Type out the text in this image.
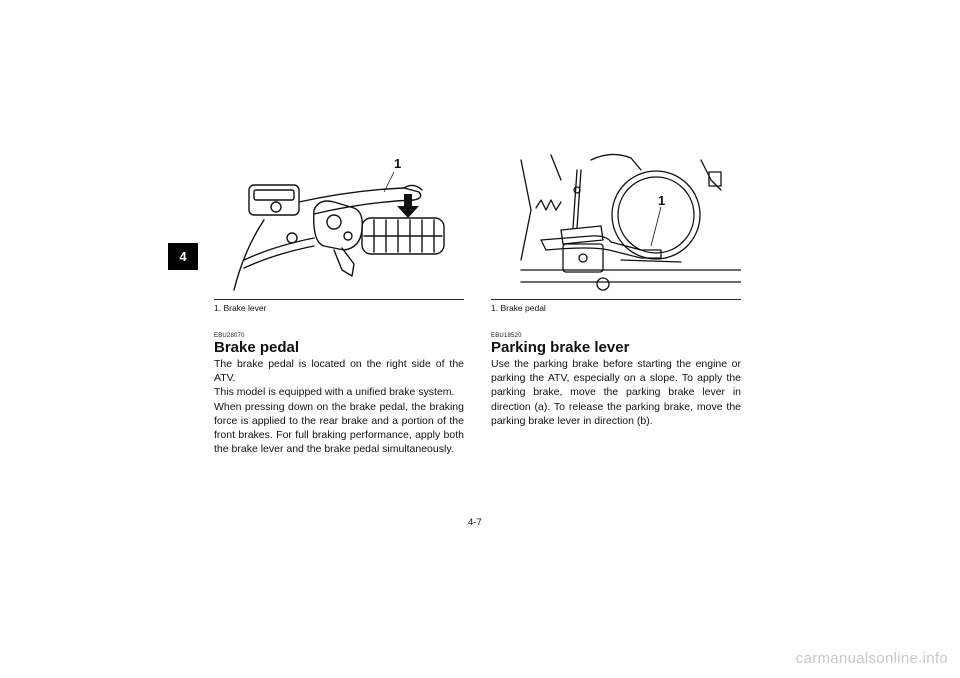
4
1
1. Brake lever
EBU28070
Brake pedal

The brake pedal is located on the right side of the ATV.

This model is equipped with a unified brake system.

When pressing down on the brake pedal, the braking force is applied to the rear brake and a portion of the front brakes. For full braking performance, apply both the brake lever and the brake pedal simultaneously.

1
1. Brake pedal
EBU18520
Parking brake lever

Use the parking brake before starting the engine or parking the ATV, especially on a slope. To apply the parking brake, move the parking brake lever in direction (a). To release the parking brake, move the parking brake lever in direction (b).

4-7
carmanualsonline.info
